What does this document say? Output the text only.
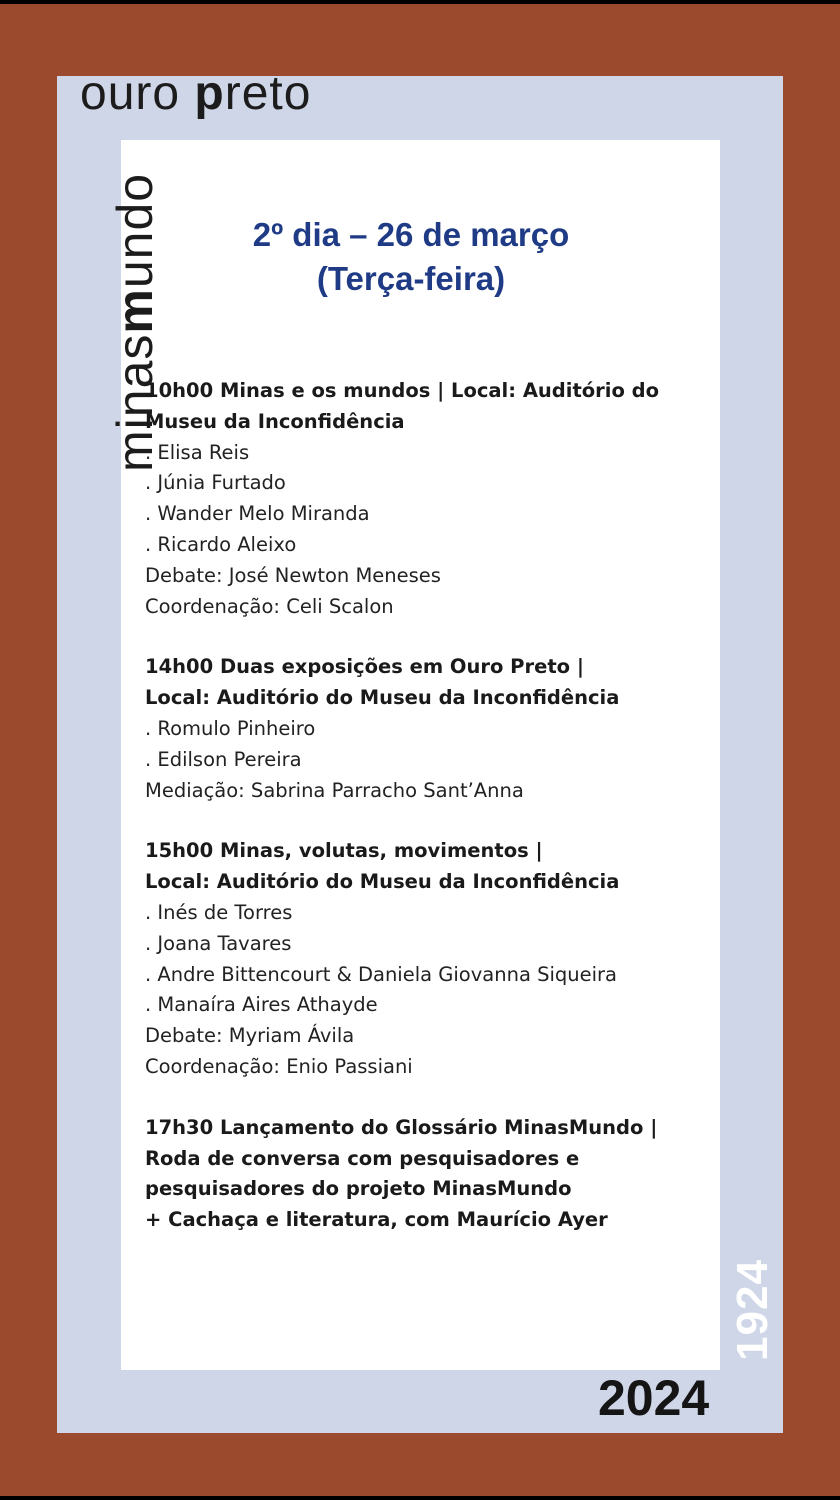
ouro preto
minasmundo	2º dia – 26 de março
(Terça-feira)
10h00 Minas e os mundos | Local: Auditório do
Museu da Inconfidência
. Elisa Reis
. Júnia Furtado
. Wander Melo Miranda
. Ricardo Aleixo
Debate: José Newton Meneses
Coordenação: Celi Scalon
14h00 Duas exposições em Ouro Preto |
Local: Auditório do Museu da Inconfidência
. Romulo Pinheiro
. Edilson Pereira
Mediação: Sabrina Parracho Sant’Anna
15h00 Minas, volutas, movimentos |
Local: Auditório do Museu da Inconfidência
. Inés de Torres
. Joana Tavares
. Andre Bittencourt & Daniela Giovanna Siqueira
. Manaíra Aires Athayde
Debate: Myriam Ávila
Coordenação: Enio Passiani
17h30 Lançamento do Glossário MinasMundo |
Roda de conversa com pesquisadores e
pesquisadores do projeto MinasMundo
+ Cachaça e literatura, com Maurício Ayer
1924
2024
